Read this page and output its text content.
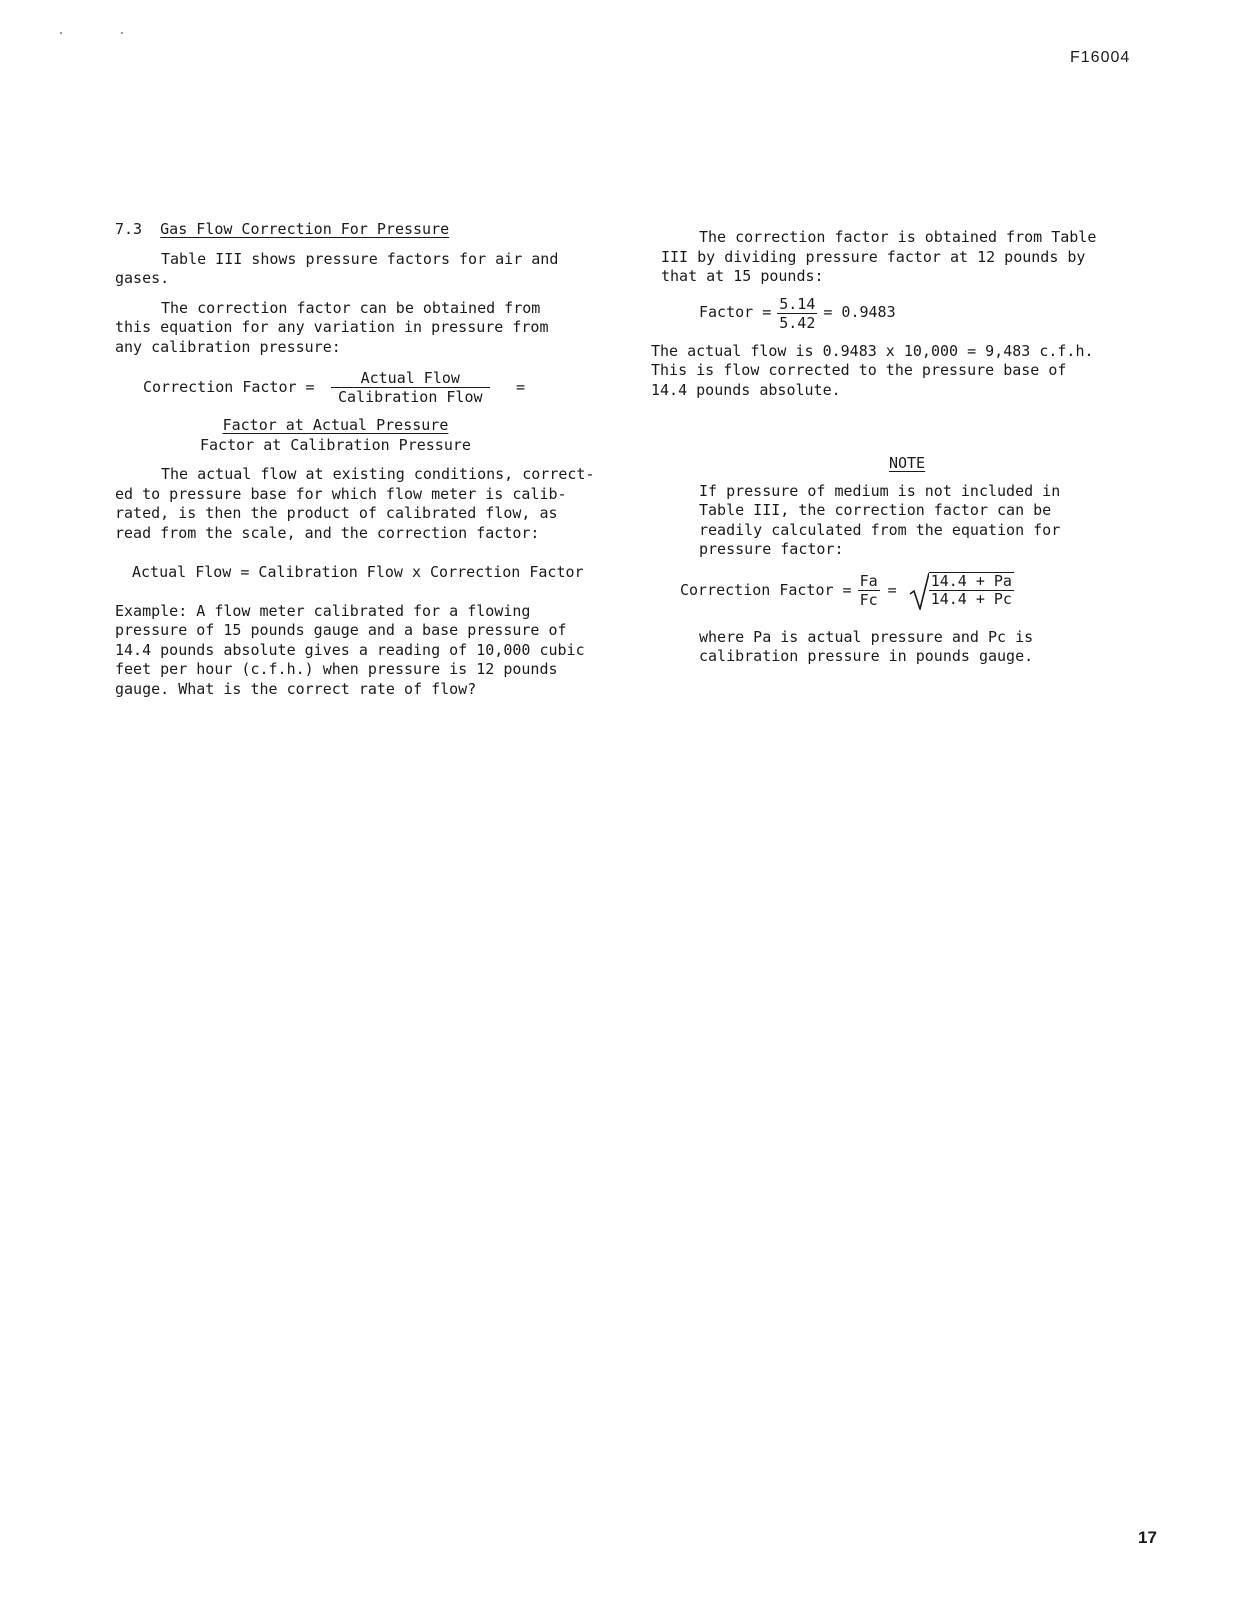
F16004
7.3 Gas Flow Correction For Pressure

Table III shows pressure factors for air and
gases.

The correction factor can be obtained from
this equation for any variation in pressure from
any calibration pressure:

Correction Factor = $\frac{\text{Actual Flow}}{\text{Calibration Flow}}$ =
Factor at Actual Pressure
Factor at Calibration Pressure

The actual flow at existing conditions, correct-
ed to pressure base for which flow meter is calib-
rated, is then the product of calibrated flow, as
read from the scale, and the correction factor:

Actual Flow = Calibration Flow x Correction Factor

Example: A flow meter calibrated for a flowing
pressure of 15 pounds gauge and a base pressure of
14.4 pounds absolute gives a reading of 10,000 cubic
feet per hour (c.f.h.) when pressure is 12 pounds
gauge. What is the correct rate of flow?

The correction factor is obtained from Table
III by dividing pressure factor at 12 pounds by
that at 15 pounds:

Factor = $\frac{5.14}{5.42} = 0.9483$

The actual flow is 0.9483 x 10,000 = 9,483 c.f.h.
This is flow corrected to the pressure base of
14.4 pounds absolute.

NOTE

If pressure of medium is not included in
Table III, the correction factor can be
readily calculated from the equation for
pressure factor:

Correction Factor = $\frac{Fa}{Fc} = \frac{14.4 + Pa}{14.4 + Pc}$

where Pa is actual pressure and Pc is
calibration pressure in pounds gauge.

17
